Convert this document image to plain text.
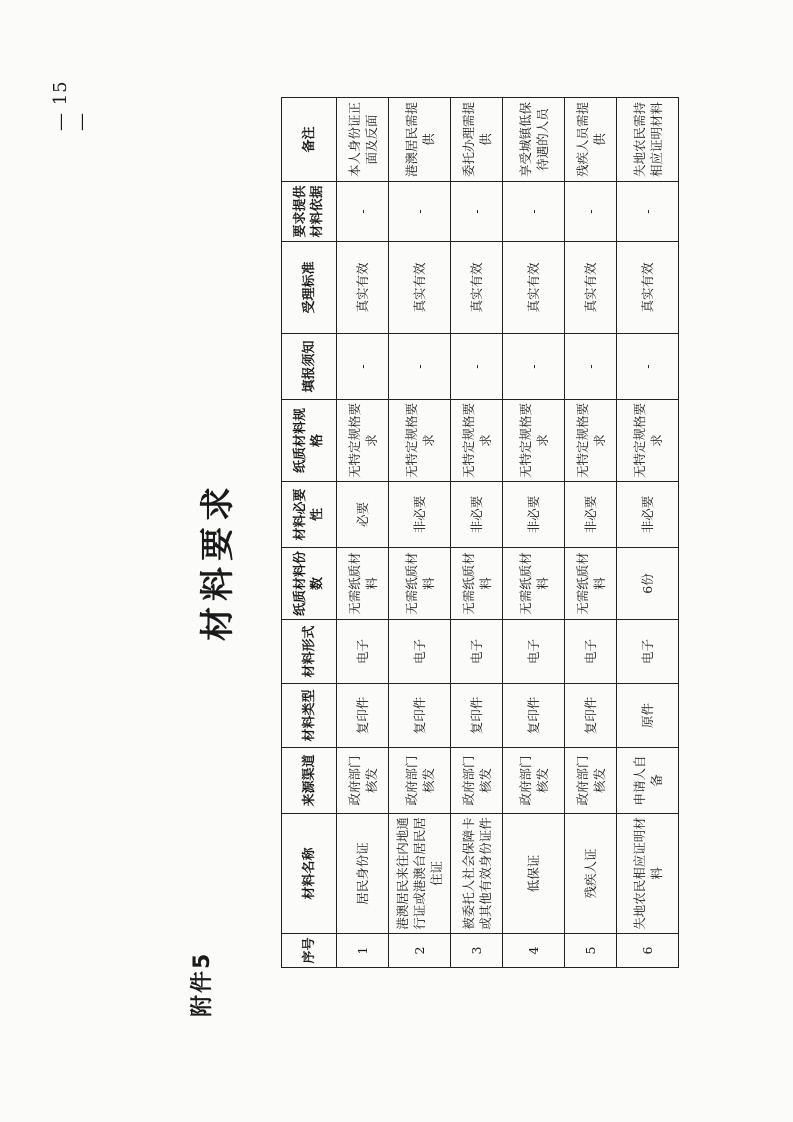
— 15 —
附件5
材料要求
序号	材料名称	来源渠道	材料类型	材料形式	纸质材料份数	材料必要性	纸质材料规格	填报须知	受理标准	要求提供材料依据	备注
1	居民身份证	政府部门核发	复印件	电子	无需纸质材料	必要	无特定规格要求	-	真实有效	-	本人身份证正面及反面
2	港澳居民来往内地通行证或港澳台居民居住证	政府部门核发	复印件	电子	无需纸质材料	非必要	无特定规格要求	-	真实有效	-	港澳居民需提供
3	被委托人社会保障卡或其他有效身份证件	政府部门核发	复印件	电子	无需纸质材料	非必要	无特定规格要求	-	真实有效	-	委托办理需提供
4	低保证	政府部门核发	复印件	电子	无需纸质材料	非必要	无特定规格要求	-	真实有效	-	享受城镇低保待遇的人员
5	残疾人证	政府部门核发	复印件	电子	无需纸质材料	非必要	无特定规格要求	-	真实有效	-	残疾人员需提供
6	失地农民相应证明材料	申请人自备	原件	电子	6份	非必要	无特定规格要求	-	真实有效	-	失地农民需持相应证明材料
